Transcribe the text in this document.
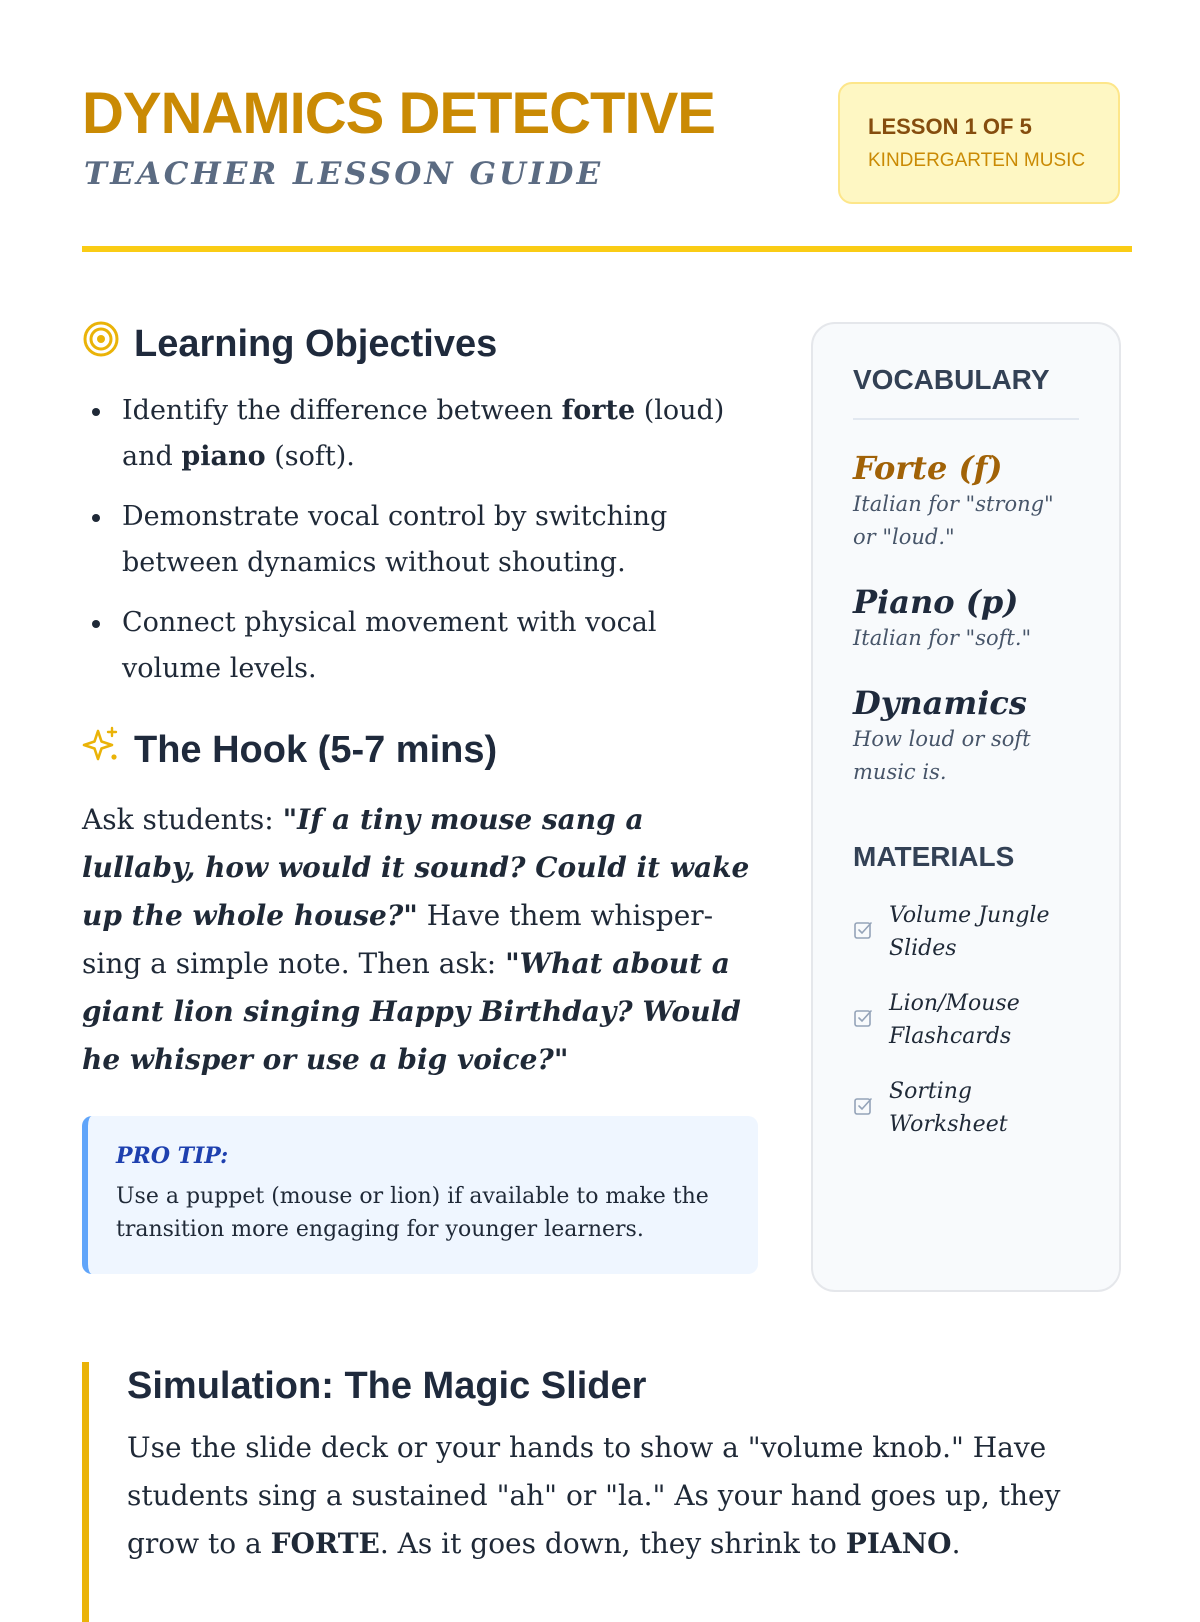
DYNAMICS DETECTIVE
TEACHER LESSON GUIDE
LESSON 1 OF 5
KINDERGARTEN MUSIC
Learning Objectives
Identify the difference between forte (loud) and piano (soft).
Demonstrate vocal control by switching between dynamics without shouting.
Connect physical movement with vocal volume levels.
The Hook (5-7 mins)
Ask students: "If a tiny mouse sang a lullaby, how would it sound? Could it wake up the whole house?" Have them whisper-sing a simple note. Then ask: "What about a giant lion singing Happy Birthday? Would he whisper or use a big voice?"
PRO TIP:
Use a puppet (mouse or lion) if available to make the transition more engaging for younger learners.
VOCABULARY
Forte (f)
Italian for "strong" or "loud."
Piano (p)
Italian for "soft."
Dynamics
How loud or soft music is.
MATERIALS
Volume Jungle Slides
Lion/Mouse Flashcards
Sorting Worksheet
Simulation: The Magic Slider
Use the slide deck or your hands to show a "volume knob." Have students sing a sustained "ah" or "la." As your hand goes up, they grow to a FORTE. As it goes down, they shrink to PIANO.
